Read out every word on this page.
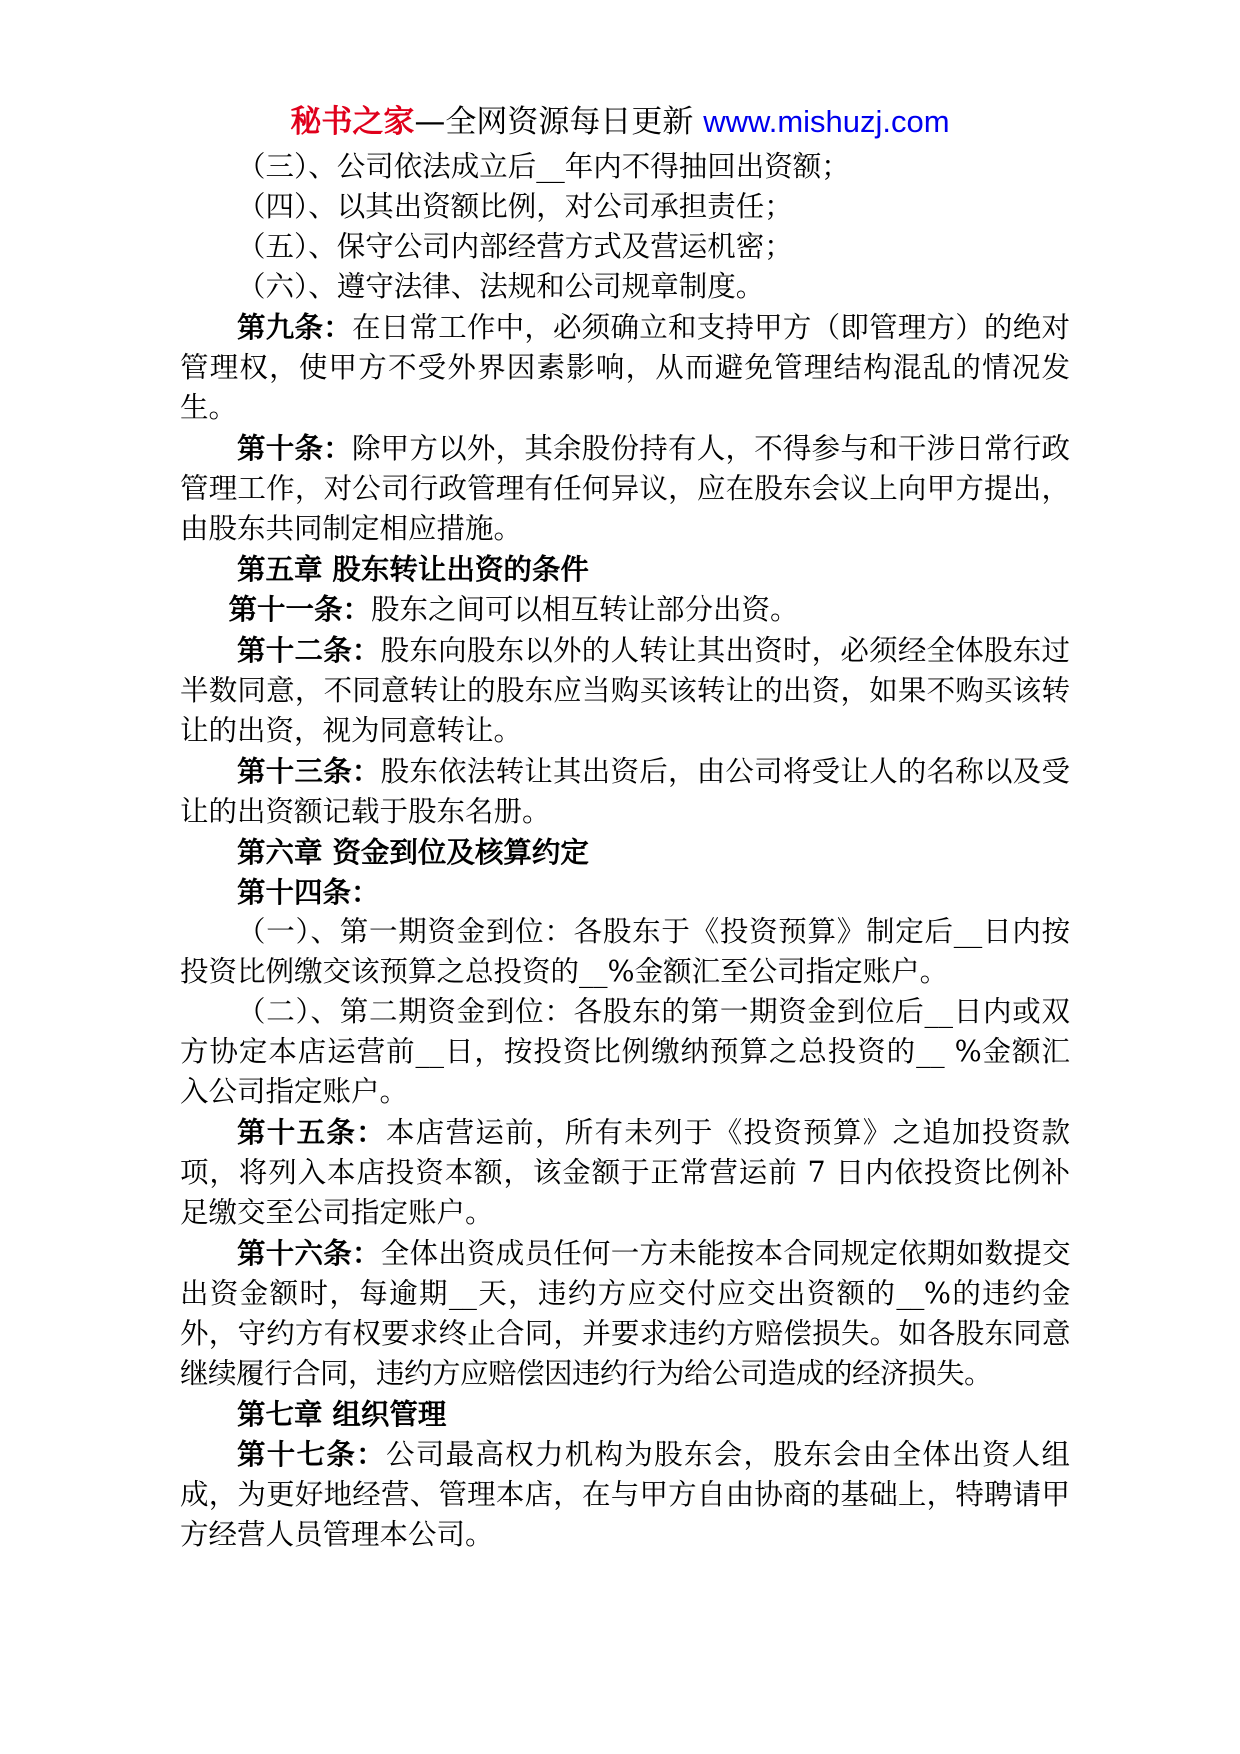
秘书之家—全网资源每日更新 www.mishuzj.com

（三）、公司依法成立后__年内不得抽回出资额；

（四）、以其出资额比例，对公司承担责任；

（五）、保守公司内部经营方式及营运机密；

（六）、遵守法律、法规和公司规章制度。

第九条：在日常工作中，必须确立和支持甲方（即管理方）的绝对管理权，使甲方不受外界因素影响，从而避免管理结构混乱的情况发生。

第十条：除甲方以外，其余股份持有人，不得参与和干涉日常行政管理工作，对公司行政管理有任何异议，应在股东会议上向甲方提出，由股东共同制定相应措施。

第五章 股东转让出资的条件

第十一条：股东之间可以相互转让部分出资。

第十二条：股东向股东以外的人转让其出资时，必须经全体股东过半数同意，不同意转让的股东应当购买该转让的出资，如果不购买该转让的出资，视为同意转让。

第十三条：股东依法转让其出资后，由公司将受让人的名称以及受让的出资额记载于股东名册。

第六章 资金到位及核算约定

第十四条：

（一）、第一期资金到位：各股东于《投资预算》制定后__日内按投资比例缴交该预算之总投资的__%金额汇至公司指定账户。

（二）、第二期资金到位：各股东的第一期资金到位后__日内或双方协定本店运营前__日，按投资比例缴纳预算之总投资的__ %金额汇入公司指定账户。

第十五条：本店营运前，所有未列于《投资预算》之追加投资款项，将列入本店投资本额，该金额于正常营运前 7 日内依投资比例补足缴交至公司指定账户。

第十六条：全体出资成员任何一方未能按本合同规定依期如数提交出资金额时，每逾期__天，违约方应交付应交出资额的__%的违约金外，守约方有权要求终止合同，并要求违约方赔偿损失。如各股东同意继续履行合同，违约方应赔偿因违约行为给公司造成的经济损失。

第七章 组织管理

第十七条：公司最高权力机构为股东会，股东会由全体出资人组成，为更好地经营、管理本店，在与甲方自由协商的基础上，特聘请甲方经营人员管理本公司。
